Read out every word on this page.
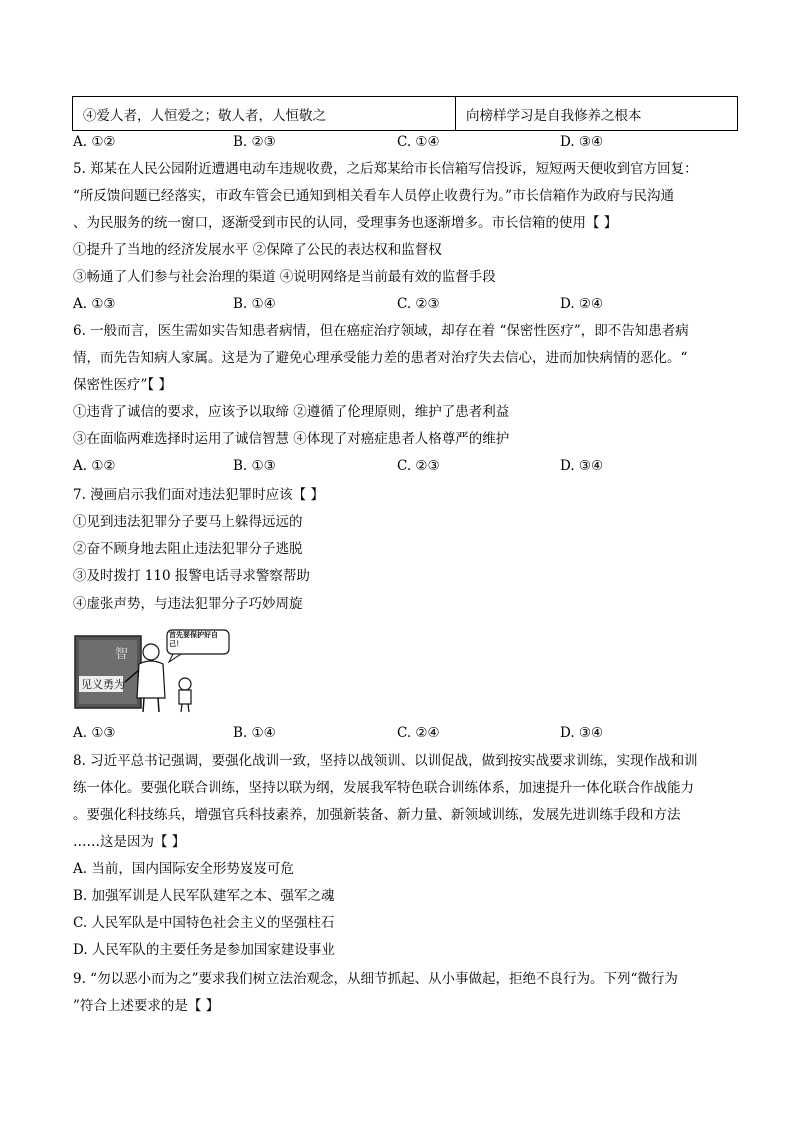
④爱人者，人恒爱之；敬人者，人恒敬之	向榜样学习是自我修养之根本
A. ①②	B. ②③	C. ①④	D. ③④
5. 郑某在人民公园附近遭遇电动车违规收费，之后郑某给市长信箱写信投诉，短短两天便收到官方回复：
“所反馈问题已经落实，市政车管会已通知到相关看车人员停止收费行为。”市长信箱作为政府与民沟通
、为民服务的统一窗口，逐渐受到市民的认同，受理事务也逐渐增多。市长信箱的使用【 】
①提升了当地的经济发展水平 ②保障了公民的表达权和监督权
③畅通了人们参与社会治理的渠道 ④说明网络是当前最有效的监督手段
A. ①③	B. ①④	C. ②③	D. ②④
6. 一般而言，医生需如实告知患者病情，但在癌症治疗领域，却存在着 “保密性医疗”，即不告知患者病
情，而先告知病人家属。这是为了避免心理承受能力差的患者对治疗失去信心，进而加快病情的恶化。“
保密性医疗”【 】
①违背了诚信的要求，应该予以取缔 ②遵循了伦理原则，维护了患者利益
③在面临两难选择时运用了诚信智慧 ④体现了对癌症患者人格尊严的维护
A. ①②	B. ①③	C. ②③	D. ③④
7. 漫画启示我们面对违法犯罪时应该【 】
①见到违法犯罪分子要马上躲得远远的
②奋不顾身地去阻止违法犯罪分子逃脱
③及时拨打 110 报警电话寻求警察帮助
④虚张声势，与违法犯罪分子巧妙周旋
智
见义勇为
首先要保护好自己！
A. ①③	B. ①④	C. ②④	D. ③④
8. 习近平总书记强调，要强化战训一致，坚持以战领训、以训促战，做到按实战要求训练，实现作战和训
练一体化。要强化联合训练，坚持以联为纲，发展我军特色联合训练体系，加速提升一体化联合作战能力
。要强化科技练兵，增强官兵科技素养，加强新装备、新力量、新领域训练，发展先进训练手段和方法
……这是因为【 】
A. 当前，国内国际安全形势岌岌可危
B. 加强军训是人民军队建军之本、强军之魂
C. 人民军队是中国特色社会主义的坚强柱石
D. 人民军队的主要任务是参加国家建设事业
9. “勿以恶小而为之”要求我们树立法治观念，从细节抓起、从小事做起，拒绝不良行为。下列“微行为
”符合上述要求的是【 】
